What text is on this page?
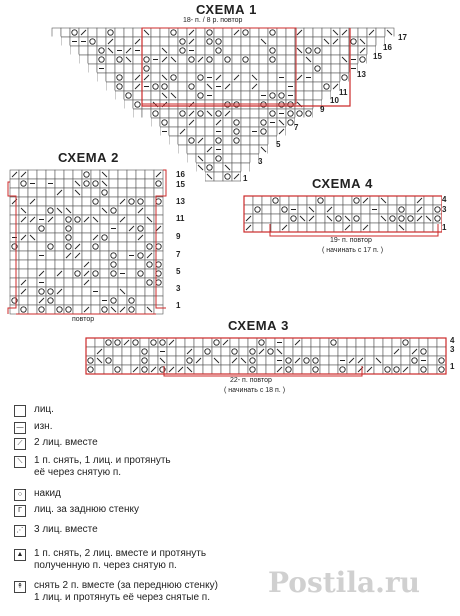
СХЕМА 1
18- п. / 8 р. повтор
17
16
15
13
11
10
9
7
5
3
1
СХЕМА 2
16
15
13
11
9
7
5
3
1
повтор
СХЕМА 4
4
3
1
19- п. повтор
( начинать с 17 п. )
СХЕМА 3
4
3
1
22- п. повтор
( начинать с 18 п. )
лиц.
— изн.
⟋	2 лиц. вместе
⟍	1 п. снять, 1 лиц. и протянуть
её через снятую п.
○	накид
ᒥ	лиц. за заднюю стенку
⋰ 3 лиц. вместе
▲ 1 п. снять, 2 лиц. вместе и протянуть
полученную п. через снятую п.
↟	снять 2 п. вместе (за переднюю стенку)
1 лиц. и протянуть её через снятые п. Postila.ru
